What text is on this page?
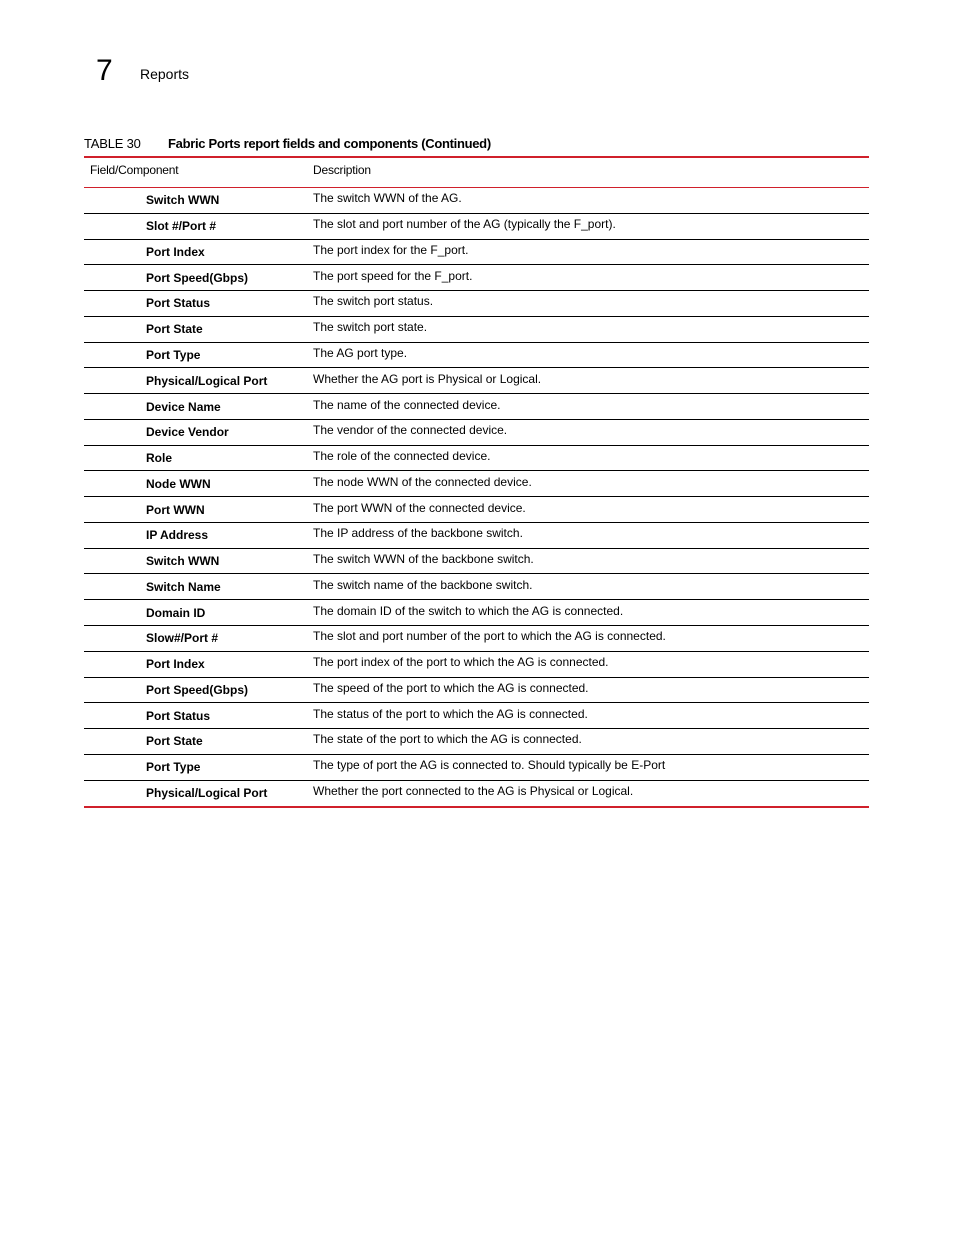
7 Reports
TABLE 30 Fabric Ports report fields and components (Continued)
Field/Component	Description
Switch WWN	The switch WWN of the AG.
Slot #/Port #	The slot and port number of the AG (typically the F_port).
Port Index	The port index for the F_port.
Port Speed(Gbps)	The port speed for the F_port.
Port Status	The switch port status.
Port State	The switch port state.
Port Type	The AG port type.
Physical/Logical Port	Whether the AG port is Physical or Logical.
Device Name	The name of the connected device.
Device Vendor	The vendor of the connected device.
Role	The role of the connected device.
Node WWN	The node WWN of the connected device.
Port WWN	The port WWN of the connected device.
IP Address	The IP address of the backbone switch.
Switch WWN	The switch WWN of the backbone switch.
Switch Name	The switch name of the backbone switch.
Domain ID	The domain ID of the switch to which the AG is connected.
Slow#/Port #	The slot and port number of the port to which the AG is connected.
Port Index	The port index of the port to which the AG is connected.
Port Speed(Gbps)	The speed of the port to which the AG is connected.
Port Status	The status of the port to which the AG is connected.
Port State	The state of the port to which the AG is connected.
Port Type	The type of port the AG is connected to. Should typically be E-Port
Physical/Logical Port	Whether the port connected to the AG is Physical or Logical.
